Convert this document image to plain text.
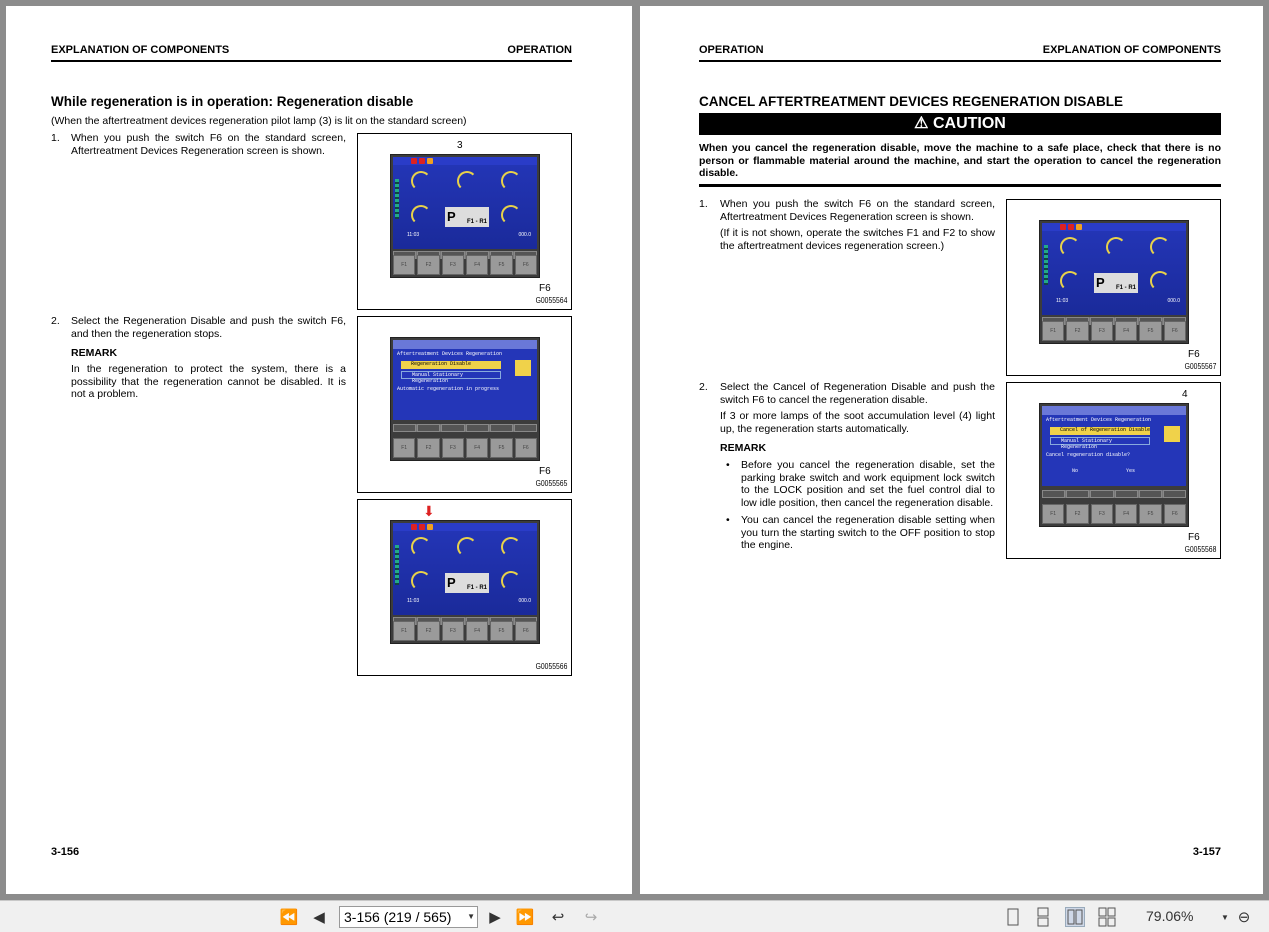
EXPLANATION OF COMPONENTS	OPERATION
While regeneration is in operation: Regeneration disable
(When the aftertreatment devices regeneration pilot lamp (3) is lit on the standard screen)
1. When you push the switch F6 on the standard screen, Aftertreatment Devices Regeneration screen is shown.
2. Select the Regeneration Disable and push the switch F6, and then the regeneration stops.
REMARK
In the regeneration to protect the system, there is a possibility that the regeneration cannot be disabled. It is not a problem.
P F1 - R1
11:03	000.0
F1	F2	F3	F4	F5	F6
3
F6
G0055564
Aftertreatment Devices Regeneration
Regeneration Disable
Manual Stationary Regeneration
Automatic regeneration in progress
F1	F2	F3	F4	F5	F6
F6
G0055565
⬇
P F1 - R1
11:03	000.0
F1	F2	F3	F4	F5	F6
G0055566
3-156
OPERATION	EXPLANATION OF COMPONENTS
CANCEL AFTERTREATMENT DEVICES REGENERATION DISABLE
⚠ CAUTION
When you cancel the regeneration disable, move the machine to a safe place, check that there is no person or flammable material around the machine, and start the operation to cancel the regeneration disable.
1. When you push the switch F6 on the standard screen, Aftertreatment Devices Regeneration screen is shown.
(If it is not shown, operate the switches F1 and F2 to show the aftertreatment devices regeneration screen.)
2. Select the Cancel of Regeneration Disable and push the switch F6 to cancel the regeneration disable.
If 3 or more lamps of the soot accumulation level (4) light up, the regeneration starts automatically.
REMARK
• Before you cancel the regeneration disable, set the parking brake switch and work equipment lock switch to the LOCK position and set the fuel control dial to low idle position, then cancel the regeneration disable.
• You can cancel the regeneration disable setting when you turn the starting switch to the OFF position to stop the engine.
P F1 - R1
11:03	000.0
F1	F2	F3	F4	F5	F6
F6
G0055567
Aftertreatment Devices Regeneration
Cancel of Regeneration Disable
Manual Stationary Regeneration
Cancel regeneration disable?
No	Yes
F1	F2	F3	F4	F5	F6
4
F6
G0055568
3-157
⏪ ◀	3-156 (219 / 565) ▼ ▶ ⏩	↩	↪	79.06%	▼ ⊖
